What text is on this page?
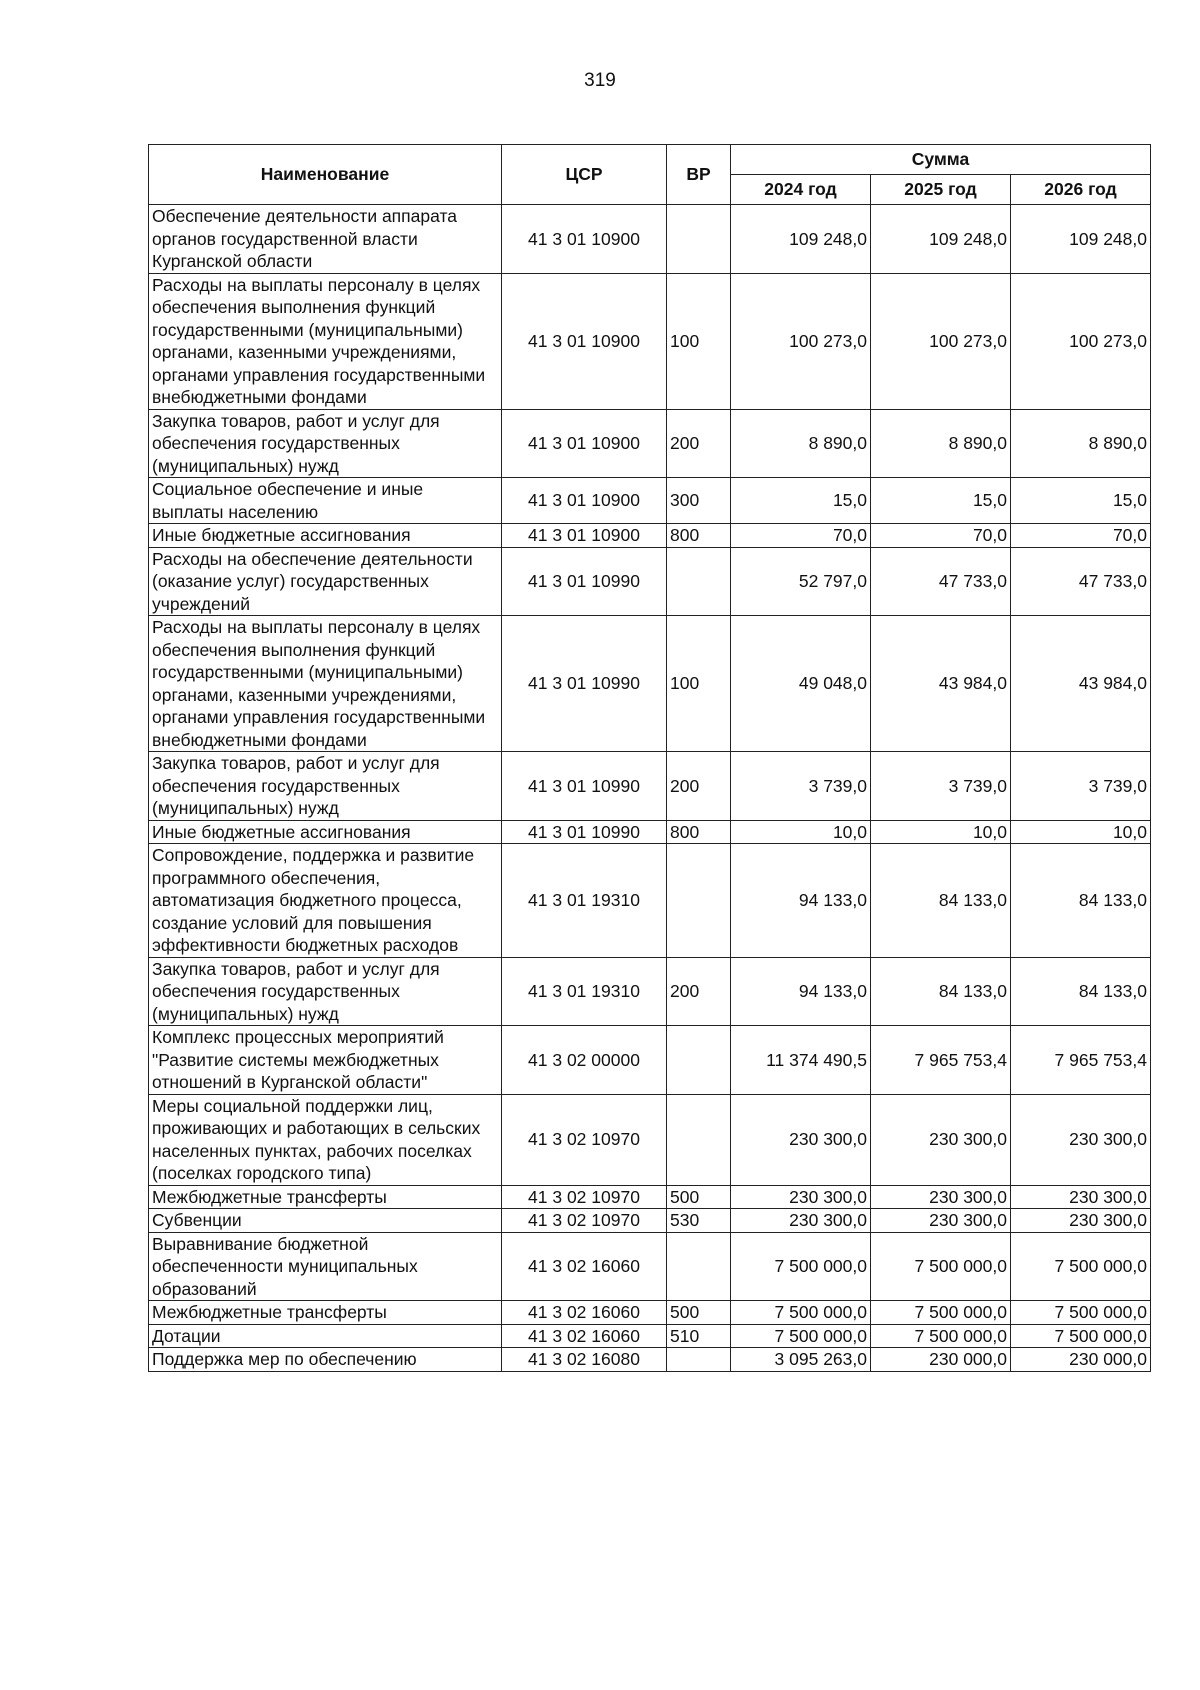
319
Наименование	ЦСР	ВР	Сумма		
			2024 год	2025 год	2026 год
Обеспечение деятельности аппарата органов государственной власти Курганской области	41 3 01 10900		109 248,0	109 248,0	109 248,0
Расходы на выплаты персоналу в целях обеспечения выполнения функций государственными (муниципальными) органами, казенными учреждениями, органами управления государственными внебюджетными фондами	41 3 01 10900	100	100 273,0	100 273,0	100 273,0
Закупка товаров, работ и услуг для обеспечения государственных (муниципальных) нужд	41 3 01 10900	200	8 890,0	8 890,0	8 890,0
Социальное обеспечение и иные выплаты населению	41 3 01 10900	300	15,0	15,0	15,0
Иные бюджетные ассигнования	41 3 01 10900	800	70,0	70,0	70,0
Расходы на обеспечение деятельности (оказание услуг) государственных учреждений	41 3 01 10990		52 797,0	47 733,0	47 733,0
Расходы на выплаты персоналу в целях обеспечения выполнения функций государственными (муниципальными) органами, казенными учреждениями, органами управления государственными внебюджетными фондами	41 3 01 10990	100	49 048,0	43 984,0	43 984,0
Закупка товаров, работ и услуг для обеспечения государственных (муниципальных) нужд	41 3 01 10990	200	3 739,0	3 739,0	3 739,0
Иные бюджетные ассигнования	41 3 01 10990	800	10,0	10,0	10,0
Сопровождение, поддержка и развитие программного обеспечения, автоматизация бюджетного процесса, создание условий для повышения эффективности бюджетных расходов	41 3 01 19310		94 133,0	84 133,0	84 133,0
Закупка товаров, работ и услуг для обеспечения государственных (муниципальных) нужд	41 3 01 19310	200	94 133,0	84 133,0	84 133,0
Комплекс процессных мероприятий "Развитие системы межбюджетных отношений в Курганской области"	41 3 02 00000		11 374 490,5	7 965 753,4	7 965 753,4
Меры социальной поддержки лиц, проживающих и работающих в сельских населенных пунктах, рабочих поселках (поселках городского типа)	41 3 02 10970		230 300,0	230 300,0	230 300,0
Межбюджетные трансферты	41 3 02 10970	500	230 300,0	230 300,0	230 300,0
Субвенции	41 3 02 10970	530	230 300,0	230 300,0	230 300,0
Выравнивание бюджетной обеспеченности муниципальных образований	41 3 02 16060		7 500 000,0	7 500 000,0	7 500 000,0
Межбюджетные трансферты	41 3 02 16060	500	7 500 000,0	7 500 000,0	7 500 000,0
Дотации	41 3 02 16060	510	7 500 000,0	7 500 000,0	7 500 000,0
Поддержка мер по обеспечению	41 3 02 16080		3 095 263,0	230 000,0	230 000,0
